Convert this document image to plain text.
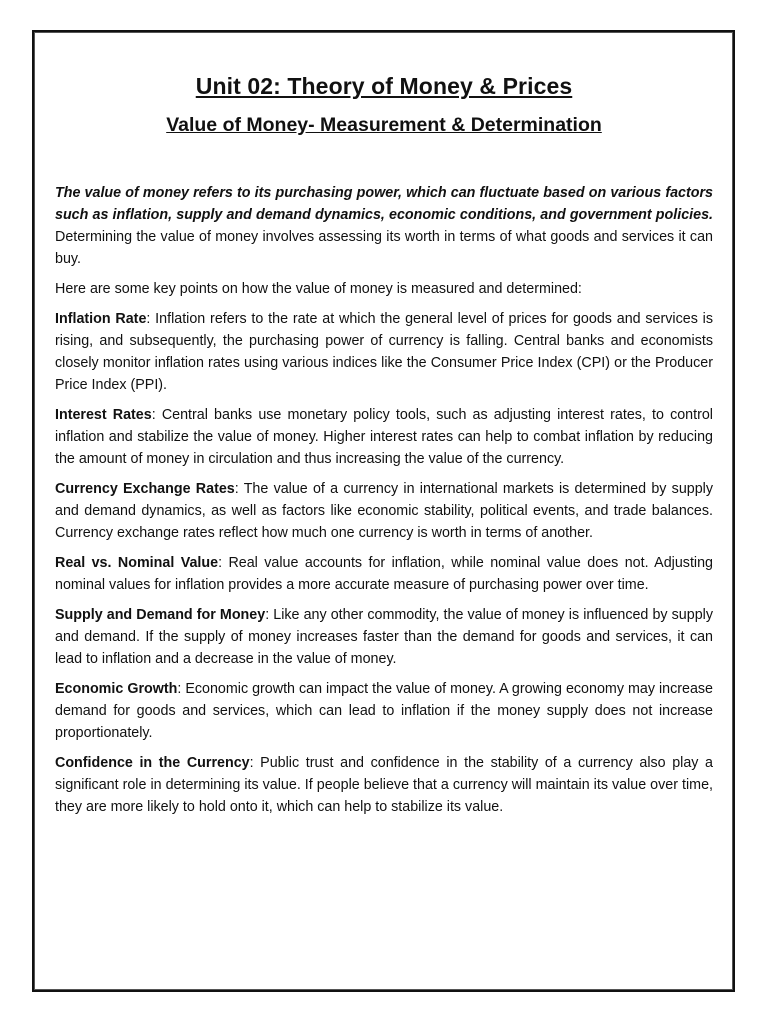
Unit 02: Theory of Money & Prices
Value of Money- Measurement & Determination

The value of money refers to its purchasing power, which can fluctuate based on various factors such as inflation, supply and demand dynamics, economic conditions, and government policies. Determining the value of money involves assessing its worth in terms of what goods and services it can buy.

Here are some key points on how the value of money is measured and determined:

Inflation Rate: Inflation refers to the rate at which the general level of prices for goods and services is rising, and subsequently, the purchasing power of currency is falling. Central banks and economists closely monitor inflation rates using various indices like the Consumer Price Index (CPI) or the Producer Price Index (PPI).

Interest Rates: Central banks use monetary policy tools, such as adjusting interest rates, to control inflation and stabilize the value of money. Higher interest rates can help to combat inflation by reducing the amount of money in circulation and thus increasing the value of the currency.

Currency Exchange Rates: The value of a currency in international markets is determined by supply and demand dynamics, as well as factors like economic stability, political events, and trade balances. Currency exchange rates reflect how much one currency is worth in terms of another.

Real vs. Nominal Value: Real value accounts for inflation, while nominal value does not. Adjusting nominal values for inflation provides a more accurate measure of purchasing power over time.

Supply and Demand for Money: Like any other commodity, the value of money is influenced by supply and demand. If the supply of money increases faster than the demand for goods and services, it can lead to inflation and a decrease in the value of money.

Economic Growth: Economic growth can impact the value of money. A growing economy may increase demand for goods and services, which can lead to inflation if the money supply does not increase proportionately.

Confidence in the Currency: Public trust and confidence in the stability of a currency also play a significant role in determining its value. If people believe that a currency will maintain its value over time, they are more likely to hold onto it, which can help to stabilize its value.
